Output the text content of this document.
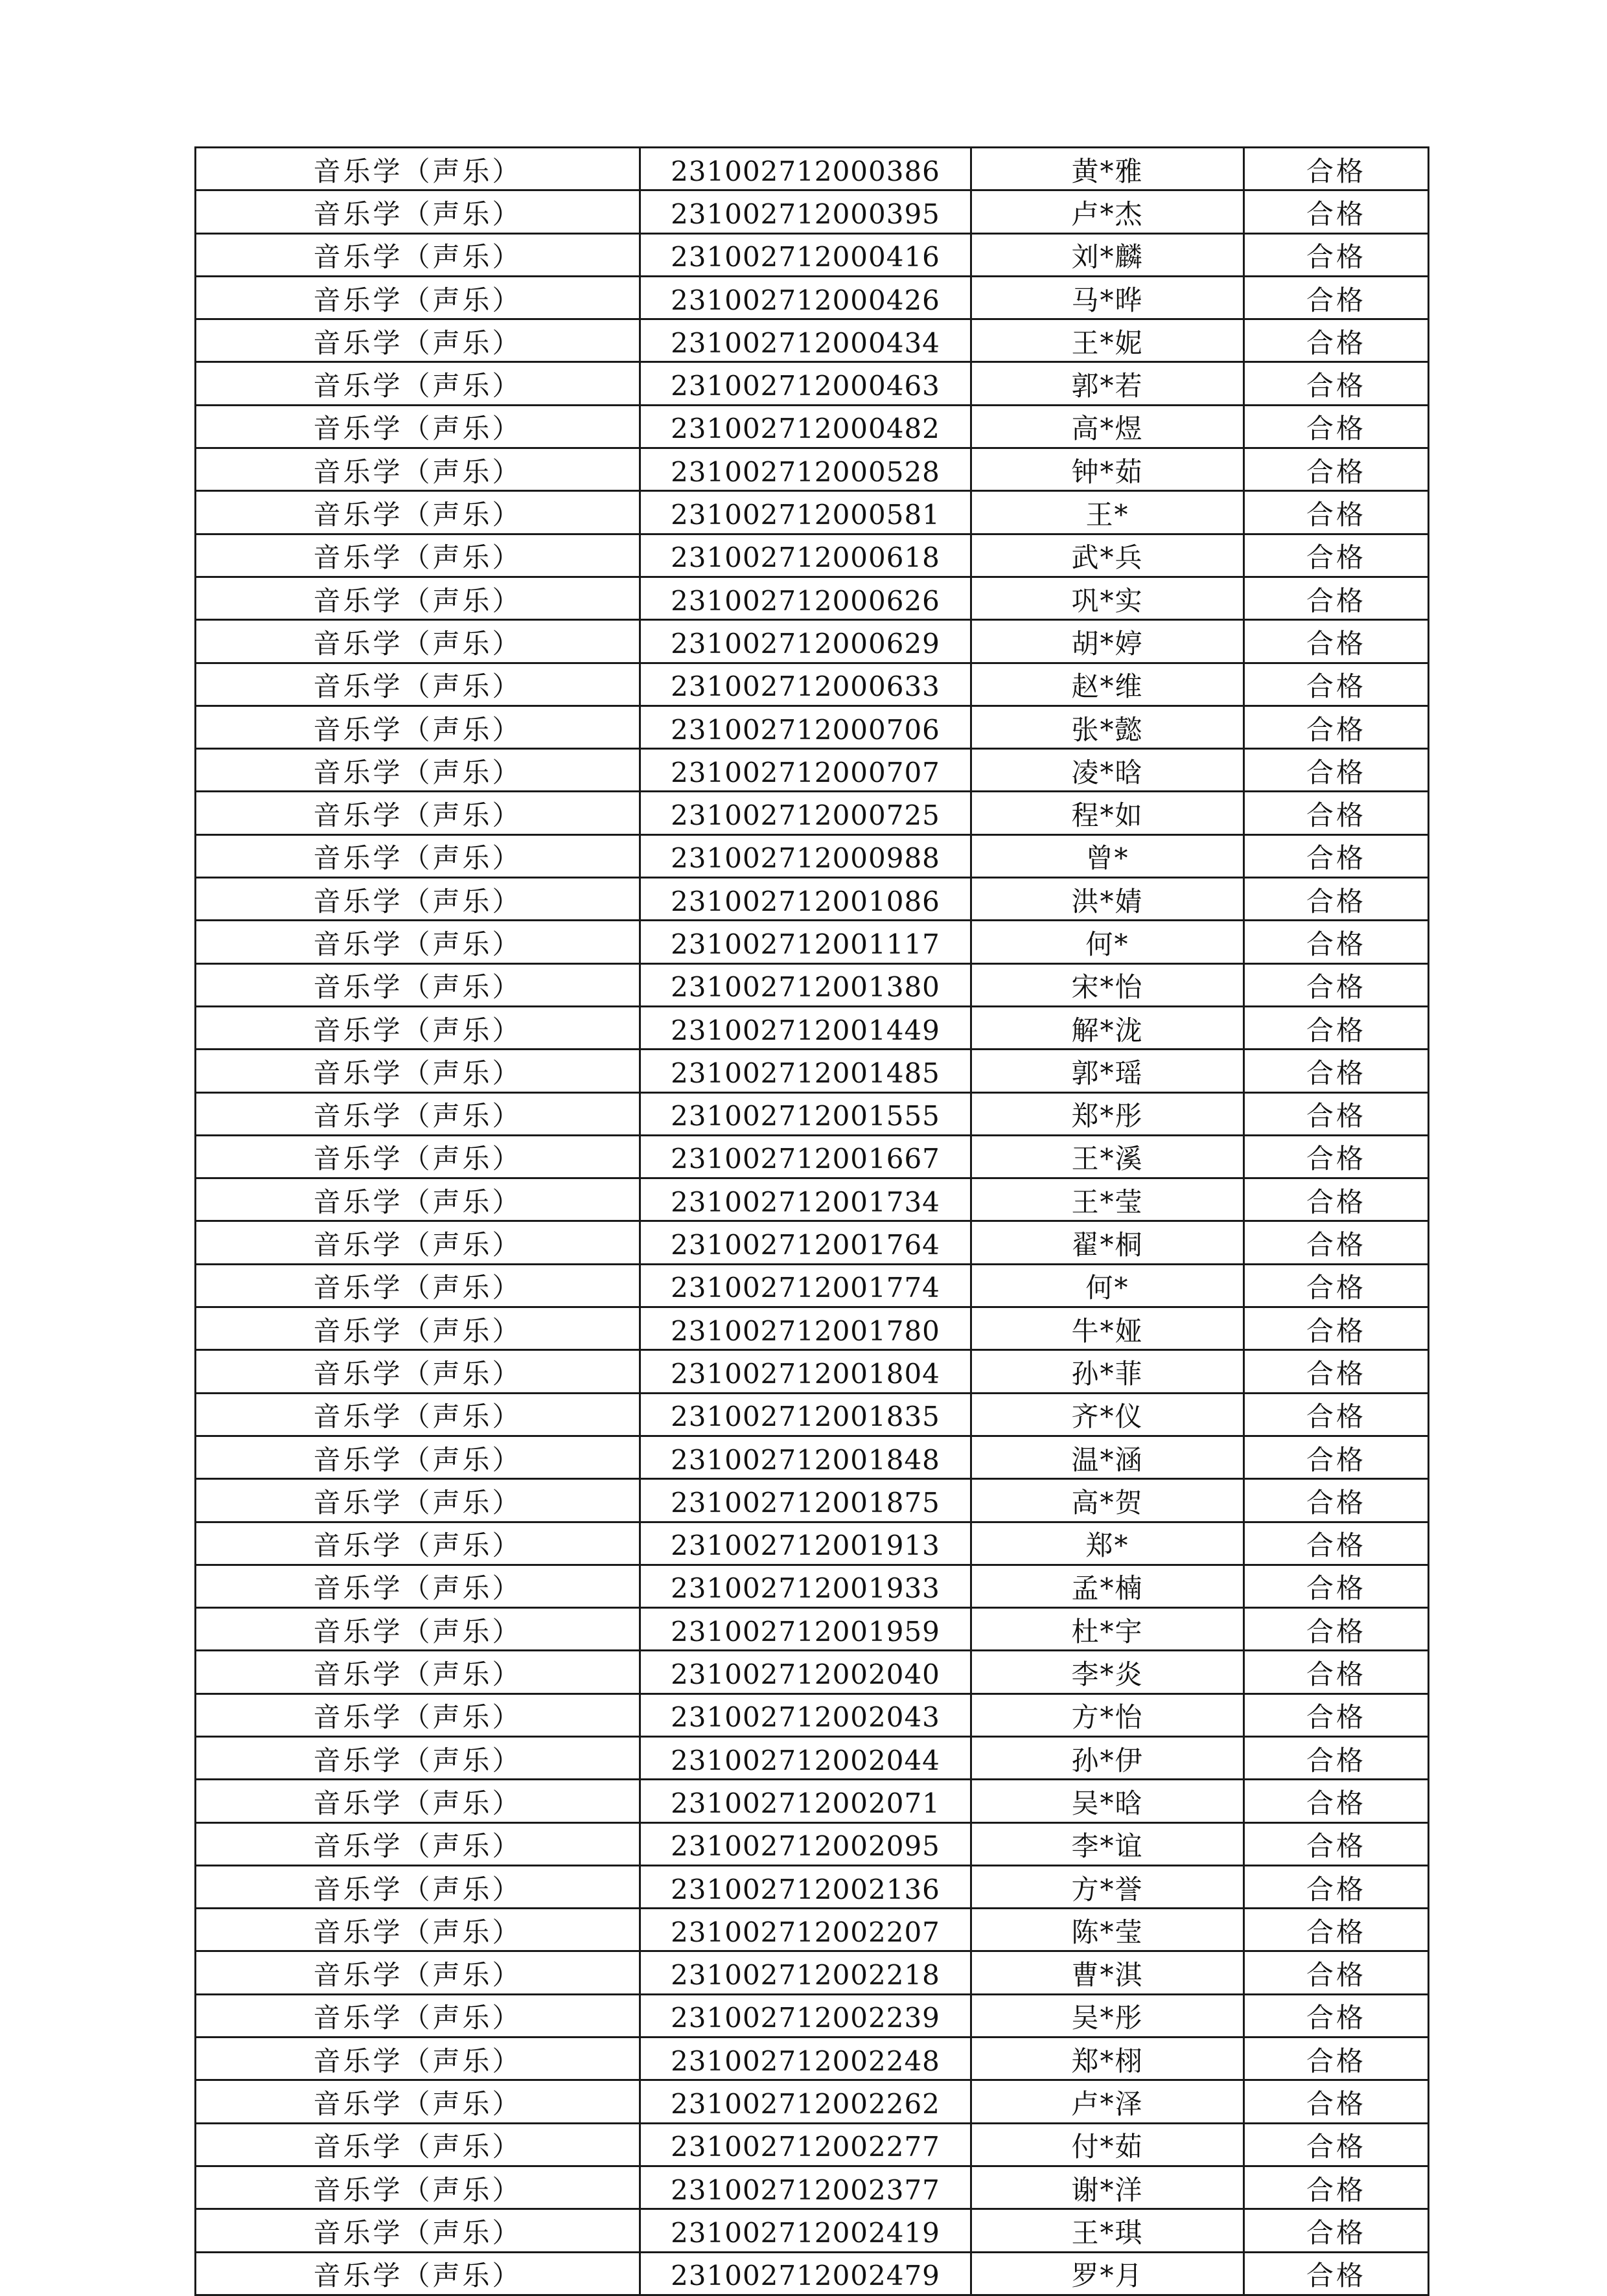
音乐学（声乐）	231002712000386	黄*雅	合格
音乐学（声乐）	231002712000395	卢*杰	合格
音乐学（声乐）	231002712000416	刘*麟	合格
音乐学（声乐）	231002712000426	马*晔	合格
音乐学（声乐）	231002712000434	王*妮	合格
音乐学（声乐）	231002712000463	郭*若	合格
音乐学（声乐）	231002712000482	高*煜	合格
音乐学（声乐）	231002712000528	钟*茹	合格
音乐学（声乐）	231002712000581	王*	合格
音乐学（声乐）	231002712000618	武*兵	合格
音乐学（声乐）	231002712000626	巩*实	合格
音乐学（声乐）	231002712000629	胡*婷	合格
音乐学（声乐）	231002712000633	赵*维	合格
音乐学（声乐）	231002712000706	张*懿	合格
音乐学（声乐）	231002712000707	凌*晗	合格
音乐学（声乐）	231002712000725	程*如	合格
音乐学（声乐）	231002712000988	曾*	合格
音乐学（声乐）	231002712001086	洪*婧	合格
音乐学（声乐）	231002712001117	何*	合格
音乐学（声乐）	231002712001380	宋*怡	合格
音乐学（声乐）	231002712001449	解*泷	合格
音乐学（声乐）	231002712001485	郭*瑶	合格
音乐学（声乐）	231002712001555	郑*彤	合格
音乐学（声乐）	231002712001667	王*溪	合格
音乐学（声乐）	231002712001734	王*莹	合格
音乐学（声乐）	231002712001764	翟*桐	合格
音乐学（声乐）	231002712001774	何*	合格
音乐学（声乐）	231002712001780	牛*娅	合格
音乐学（声乐）	231002712001804	孙*菲	合格
音乐学（声乐）	231002712001835	齐*仪	合格
音乐学（声乐）	231002712001848	温*涵	合格
音乐学（声乐）	231002712001875	高*贺	合格
音乐学（声乐）	231002712001913	郑*	合格
音乐学（声乐）	231002712001933	孟*楠	合格
音乐学（声乐）	231002712001959	杜*宇	合格
音乐学（声乐）	231002712002040	李*炎	合格
音乐学（声乐）	231002712002043	方*怡	合格
音乐学（声乐）	231002712002044	孙*伊	合格
音乐学（声乐）	231002712002071	吴*晗	合格
音乐学（声乐）	231002712002095	李*谊	合格
音乐学（声乐）	231002712002136	方*誉	合格
音乐学（声乐）	231002712002207	陈*莹	合格
音乐学（声乐）	231002712002218	曹*淇	合格
音乐学（声乐）	231002712002239	吴*彤	合格
音乐学（声乐）	231002712002248	郑*栩	合格
音乐学（声乐）	231002712002262	卢*泽	合格
音乐学（声乐）	231002712002277	付*茹	合格
音乐学（声乐）	231002712002377	谢*洋	合格
音乐学（声乐）	231002712002419	王*琪	合格
音乐学（声乐）	231002712002479	罗*月	合格
